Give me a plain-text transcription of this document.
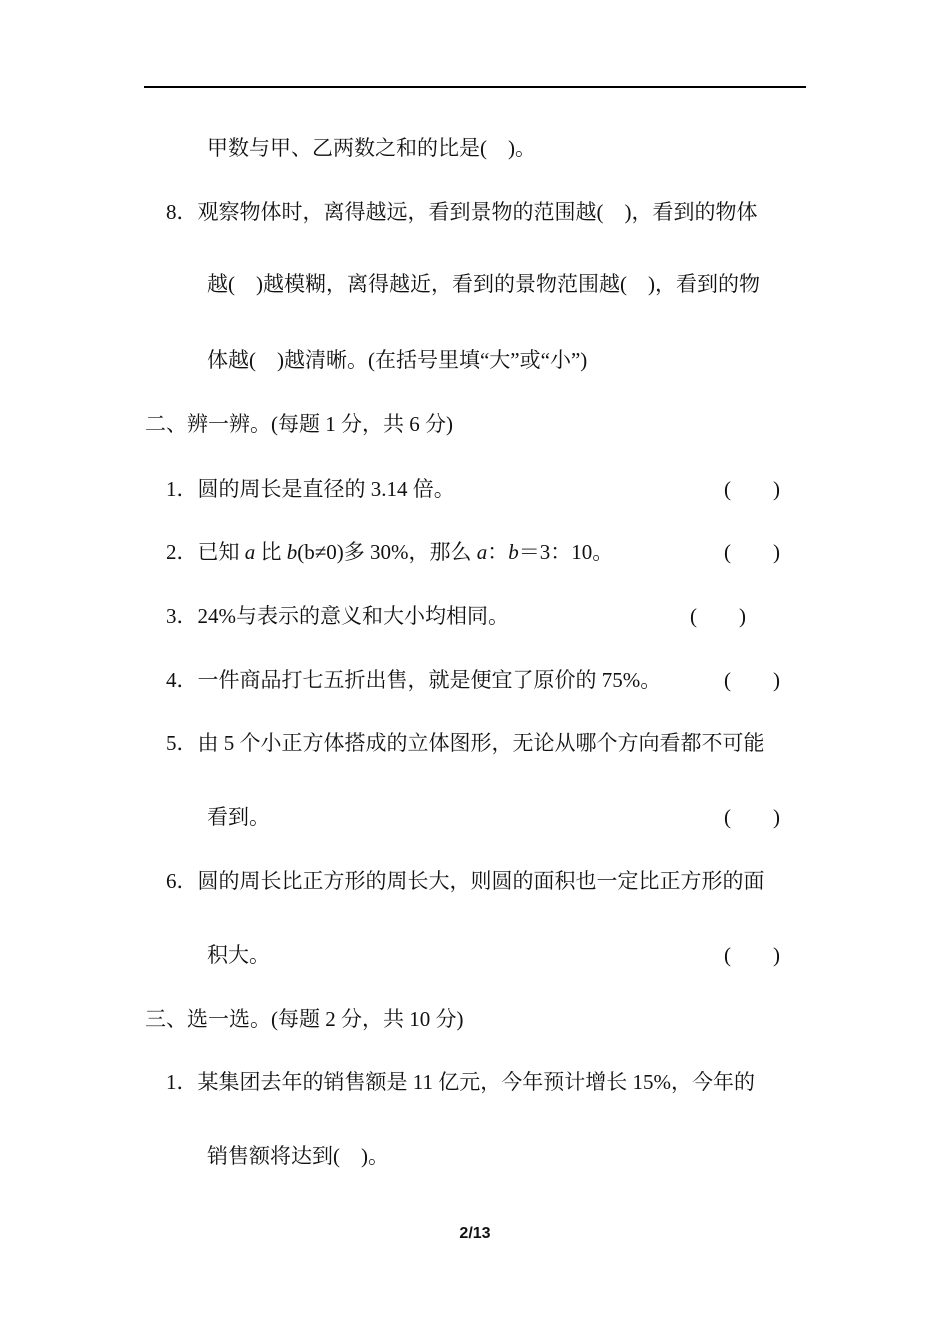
甲数与甲、乙两数之和的比是(　)。
8．观察物体时，离得越远，看到景物的范围越(　)，看到的物体
越(　)越模糊，离得越近，看到的景物范围越(　)，看到的物
体越(　)越清晰。(在括号里填“大”或“小”)
二、辨一辨。(每题 1 分，共 6 分)
1．圆的周长是直径的 3.14 倍。	(　　)
2．已知 a 比 b(b≠0)多 30%，那么 a：b＝3：10。	(　　)
3．24%与表示的意义和大小均相同。	(　　)
4．一件商品打七五折出售，就是便宜了原价的 75%。	(　　)
5．由 5 个小正方体搭成的立体图形，无论从哪个方向看都不可能
看到。	(　　)
6．圆的周长比正方形的周长大，则圆的面积也一定比正方形的面
积大。	(　　)
三、选一选。(每题 2 分，共 10 分)
1．某集团去年的销售额是 11 亿元，今年预计增长 15%，今年的
销售额将达到(　)。
2/13
